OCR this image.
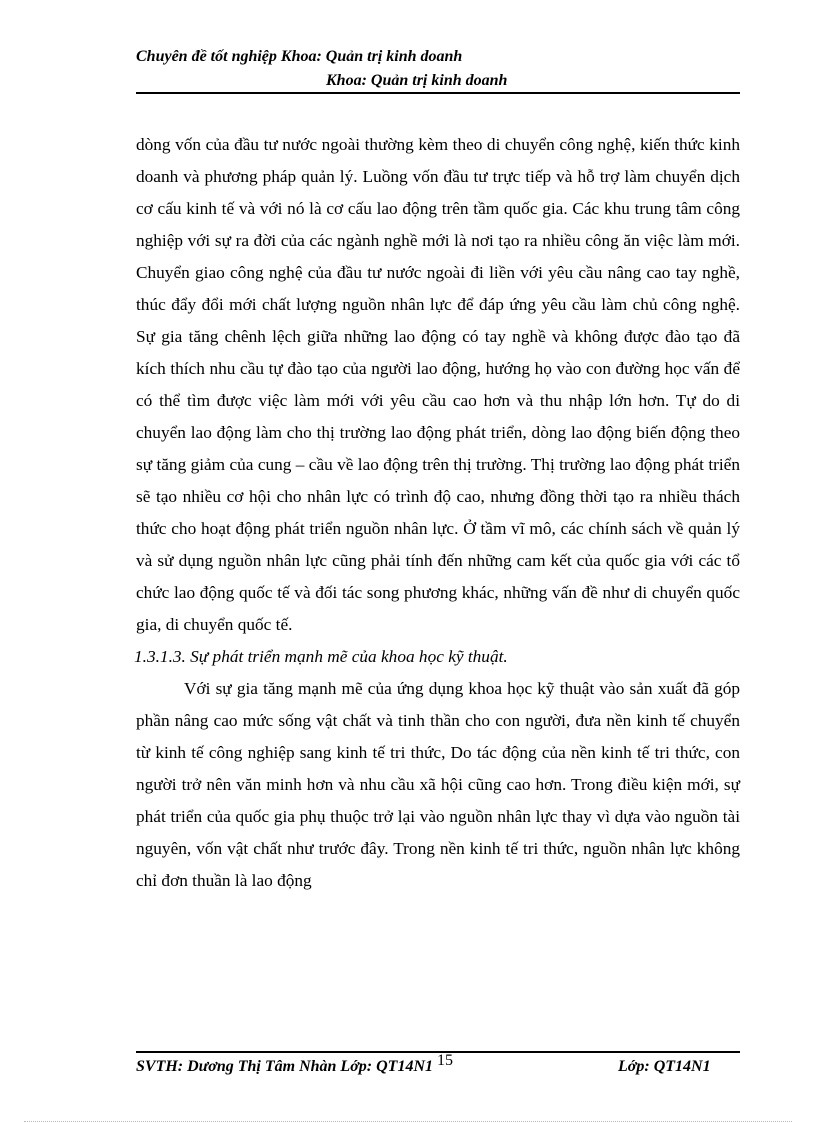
Chuyên đề tốt nghiệp Khoa: Quản trị kinh doanh
Khoa: Quản trị kinh doanh

dòng vốn của đầu tư nước ngoài thường kèm theo di chuyển công nghệ, kiến thức kinh doanh và phương pháp quản lý. Luồng vốn đầu tư trực tiếp và hỗ trợ làm chuyển dịch cơ cấu kinh tế và với nó là cơ cấu lao động trên tầm quốc gia. Các khu trung tâm công nghiệp với sự ra đời của các ngành nghề mới là nơi tạo ra nhiều công ăn việc làm mới. Chuyển giao công nghệ của đầu tư nước ngoài đi liền với yêu cầu nâng cao tay nghề, thúc đẩy đổi mới chất lượng nguồn nhân lực để đáp ứng yêu cầu làm chủ công nghệ. Sự gia tăng chênh lệch giữa những lao động có tay nghề và không được đào tạo đã kích thích nhu cầu tự đào tạo của người lao động, hướng họ vào con đường học vấn để có thể tìm được việc làm mới với yêu cầu cao hơn và thu nhập lớn hơn. Tự do di chuyển lao động làm cho thị trường lao động phát triển, dòng lao động biến động theo sự tăng giảm của cung – cầu về lao động trên thị trường. Thị trường lao động phát triển sẽ tạo nhiều cơ hội cho nhân lực có trình độ cao, nhưng đồng thời tạo ra nhiều thách thức cho hoạt động phát triển nguồn nhân lực. Ở tầm vĩ mô, các chính sách về quản lý và sử dụng nguồn nhân lực cũng phải tính đến những cam kết của quốc gia với các tổ chức lao động quốc tế và đối tác song phương khác, những vấn đề như di chuyển quốc gia, di chuyển quốc tế.

1.3.1.3. Sự phát triển mạnh mẽ của khoa học kỹ thuật.

Với sự gia tăng mạnh mẽ của ứng dụng khoa học kỹ thuật vào sản xuất đã góp phần nâng cao mức sống vật chất và tinh thần cho con người, đưa nền kinh tế chuyển từ kinh tế công nghiệp sang kinh tế tri thức, Do tác động của nền kinh tế tri thức, con người trở nên văn minh hơn và nhu cầu xã hội cũng cao hơn. Trong điều kiện mới, sự phát triển của quốc gia phụ thuộc trở lại vào nguồn nhân lực thay vì dựa vào nguồn tài nguyên, vốn vật chất như trước đây. Trong nền kinh tế tri thức, nguồn nhân lực không chỉ đơn thuần là lao động

SVTH: Dương Thị Tâm Nhàn Lớp: QT14N1 15	Lớp: QT14N1
